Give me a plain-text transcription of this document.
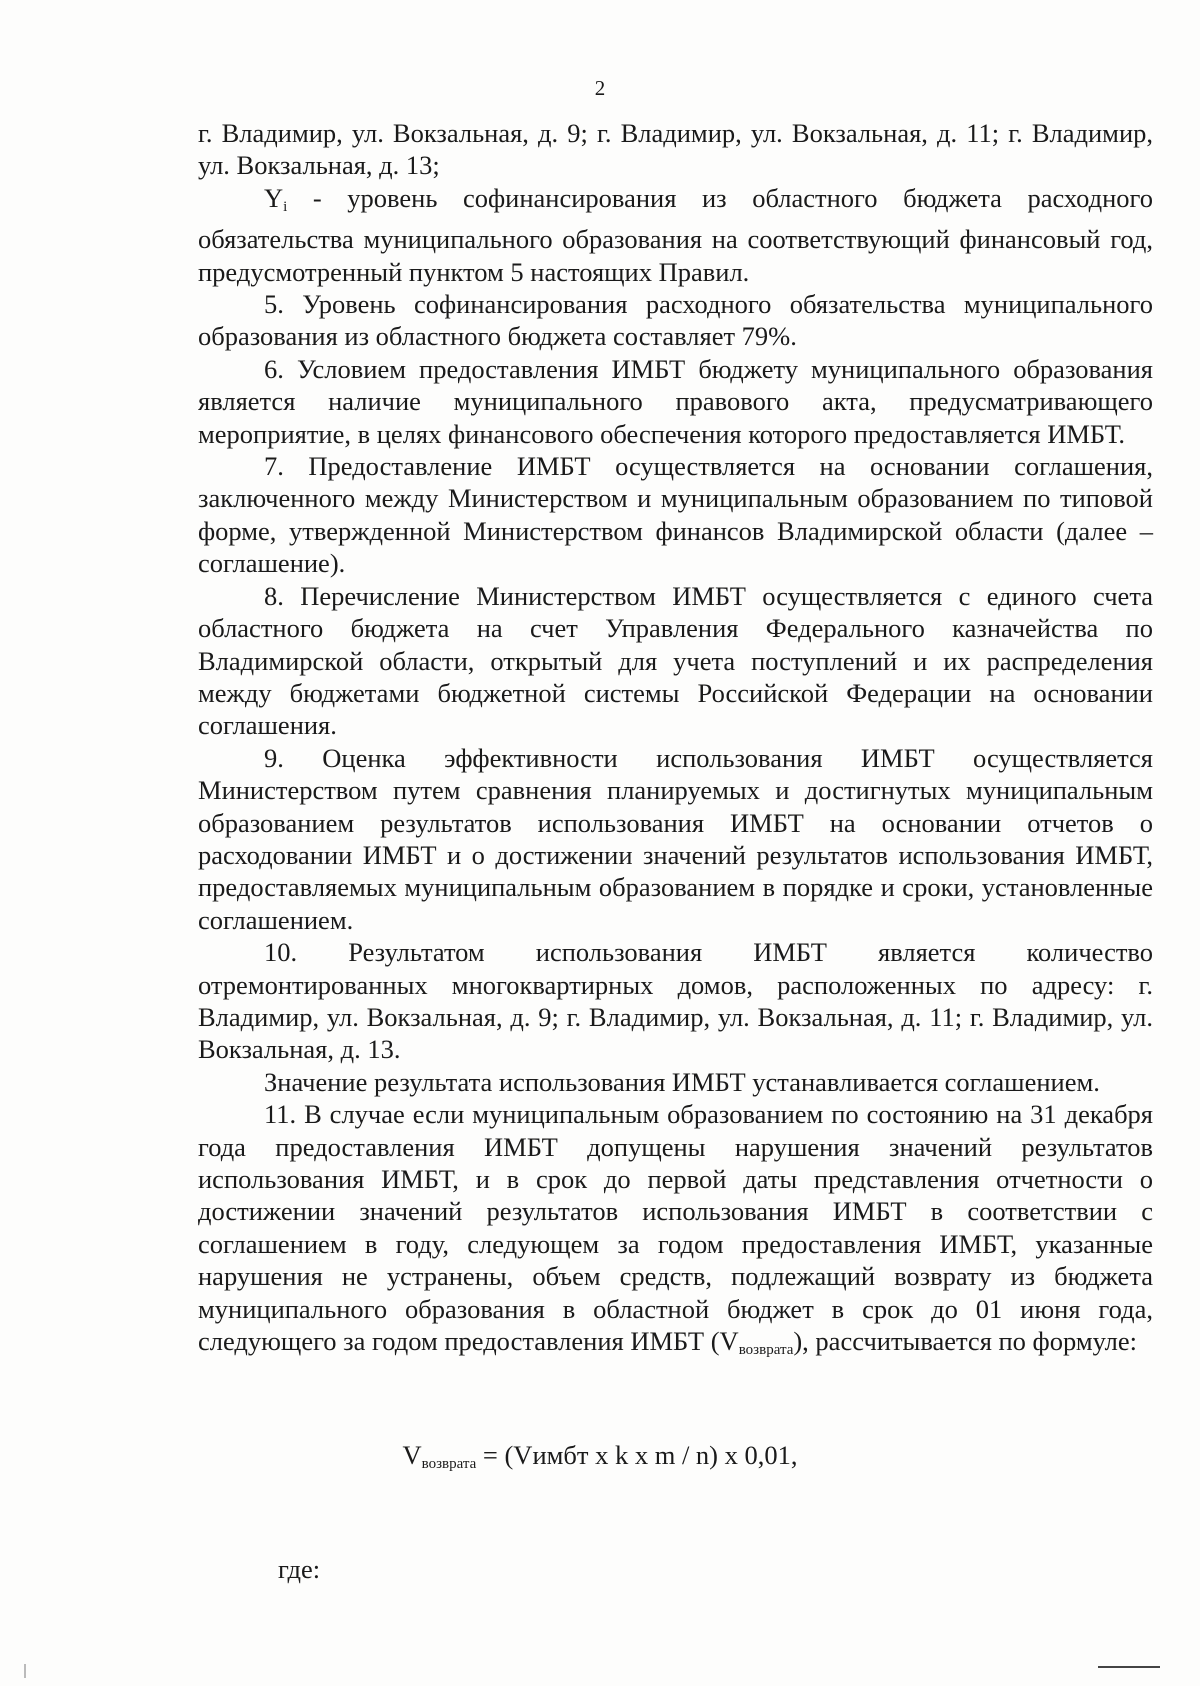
2

г. Владимир, ул. Вокзальная, д. 9; г. Владимир, ул. Вокзальная, д. 11; г. Владимир, ул. Вокзальная, д. 13;

Yi - уровень софинансирования из областного бюджета расходного обязательства муниципального образования на соответствующий финансовый год, предусмотренный пунктом 5 настоящих Правил.

5. Уровень софинансирования расходного обязательства муниципального образования из областного бюджета составляет 79%.

6. Условием предоставления ИМБТ бюджету муниципального образования является наличие муниципального правового акта, предусматривающего мероприятие, в целях финансового обеспечения которого предоставляется ИМБТ.

7. Предоставление ИМБТ осуществляется на основании соглашения, заключенного между Министерством и муниципальным образованием по типовой форме, утвержденной Министерством финансов Владимирской области (далее – соглашение).

8. Перечисление Министерством ИМБТ осуществляется с единого счета областного бюджета на счет Управления Федерального казначейства по Владимирской области, открытый для учета поступлений и их распределения между бюджетами бюджетной системы Российской Федерации на основании соглашения.

9. Оценка эффективности использования ИМБТ осуществляется Министерством путем сравнения планируемых и достигнутых муниципальным образованием результатов использования ИМБТ на основании отчетов о расходовании ИМБТ и о достижении значений результатов использования ИМБТ, предоставляемых муниципальным образованием в порядке и сроки, установленные соглашением.

10. Результатом использования ИМБТ является количество отремонтированных многоквартирных домов, расположенных по адресу: г. Владимир, ул. Вокзальная, д. 9; г. Владимир, ул. Вокзальная, д. 11; г. Владимир, ул. Вокзальная, д. 13.

Значение результата использования ИМБТ устанавливается соглашением.

11. В случае если муниципальным образованием по состоянию на 31 декабря года предоставления ИМБТ допущены нарушения значений результатов использования ИМБТ, и в срок до первой даты представления отчетности о достижении значений результатов использования ИМБТ в соответствии с соглашением в году, следующем за годом предоставления ИМБТ, указанные нарушения не устранены, объем средств, подлежащий возврату из бюджета муниципального образования в областной бюджет в срок до 01 июня года, следующего за годом предоставления ИМБТ (Vвозврата), рассчитывается по формуле:

$V_{возврата}$ = (Vимбт x k x m / n) x 0,01,
где:
